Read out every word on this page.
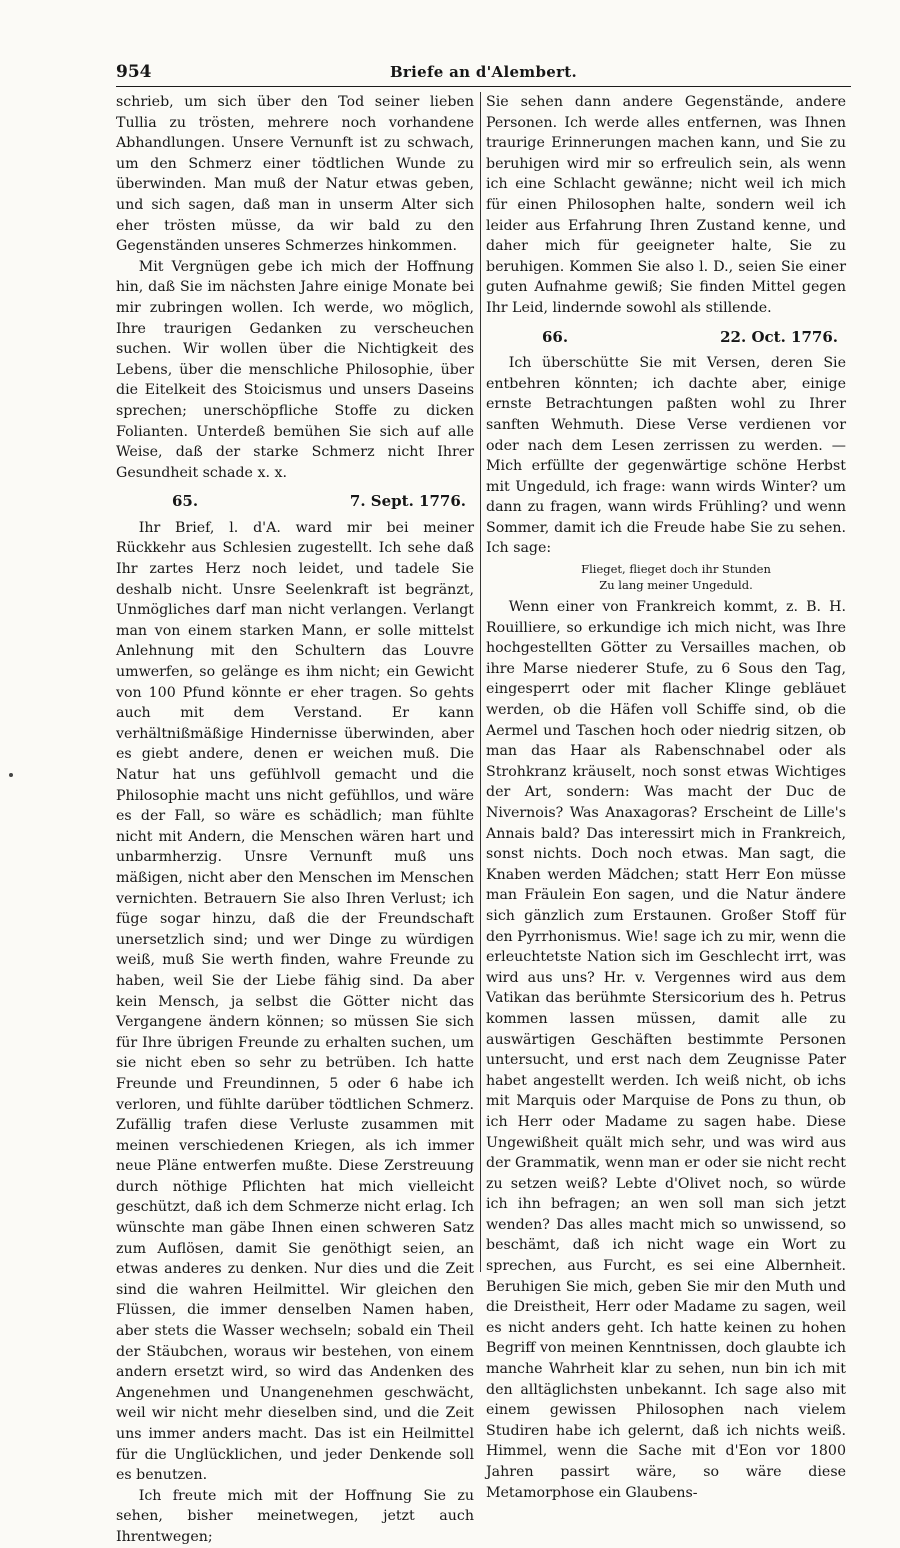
954	Briefe an d'Alembert.

schrieb, um sich über den Tod seiner lieben Tullia zu trösten, mehrere noch vorhandene Abhandlungen. Unsere Vernunft ist zu schwach, um den Schmerz einer tödtlichen Wunde zu überwinden. Man muß der Natur etwas geben, und sich sagen, daß man in unserm Alter sich eher trösten müsse, da wir bald zu den Gegenständen unseres Schmerzes hinkommen.

Mit Vergnügen gebe ich mich der Hoffnung hin, daß Sie im nächsten Jahre einige Monate bei mir zubringen wollen. Ich werde, wo möglich, Ihre traurigen Gedanken zu verscheuchen suchen. Wir wollen über die Nichtigkeit des Lebens, über die menschliche Philosophie, über die Eitelkeit des Stoicismus und unsers Daseins sprechen; unerschöpfliche Stoffe zu dicken Folianten. Unterdeß bemühen Sie sich auf alle Weise, daß der starke Schmerz nicht Ihrer Gesundheit schade x. x.

65.	7. Sept. 1776.

Ihr Brief, l. d'A. ward mir bei meiner Rückkehr aus Schlesien zugestellt. Ich sehe daß Ihr zartes Herz noch leidet, und tadele Sie deshalb nicht. Unsre Seelenkraft ist begränzt, Unmögliches darf man nicht verlangen. Verlangt man von einem starken Mann, er solle mittelst Anlehnung mit den Schultern das Louvre umwerfen, so gelänge es ihm nicht; ein Gewicht von 100 Pfund könnte er eher tragen. So gehts auch mit dem Verstand. Er kann verhältnißmäßige Hindernisse überwinden, aber es giebt andere, denen er weichen muß. Die Natur hat uns gefühlvoll gemacht und die Philosophie macht uns nicht gefühllos, und wäre es der Fall, so wäre es schädlich; man fühlte nicht mit Andern, die Menschen wären hart und unbarmherzig. Unsre Vernunft muß uns mäßigen, nicht aber den Menschen im Menschen vernichten. Betrauern Sie also Ihren Verlust; ich füge sogar hinzu, daß die der Freundschaft unersetzlich sind; und wer Dinge zu würdigen weiß, muß Sie werth finden, wahre Freunde zu haben, weil Sie der Liebe fähig sind. Da aber kein Mensch, ja selbst die Götter nicht das Vergangene ändern können; so müssen Sie sich für Ihre übrigen Freunde zu erhalten suchen, um sie nicht eben so sehr zu betrüben. Ich hatte Freunde und Freundinnen, 5 oder 6 habe ich verloren, und fühlte darüber tödtlichen Schmerz. Zufällig trafen diese Verluste zusammen mit meinen verschiedenen Kriegen, als ich immer neue Pläne entwerfen mußte. Diese Zerstreuung durch nöthige Pflichten hat mich vielleicht geschützt, daß ich dem Schmerze nicht erlag. Ich wünschte man gäbe Ihnen einen schweren Satz zum Auflösen, damit Sie genöthigt seien, an etwas anderes zu denken. Nur dies und die Zeit sind die wahren Heilmittel. Wir gleichen den Flüssen, die immer denselben Namen haben, aber stets die Wasser wechseln; sobald ein Theil der Stäubchen, woraus wir bestehen, von einem andern ersetzt wird, so wird das Andenken des Angenehmen und Unangenehmen geschwächt, weil wir nicht mehr dieselben sind, und die Zeit uns immer anders macht. Das ist ein Heilmittel für die Unglücklichen, und jeder Denkende soll es benutzen.

Ich freute mich mit der Hoffnung Sie zu sehen, bisher meinetwegen, jetzt auch Ihrentwegen;

Sie sehen dann andere Gegenstände, andere Personen. Ich werde alles entfernen, was Ihnen traurige Erinnerungen machen kann, und Sie zu beruhigen wird mir so erfreulich sein, als wenn ich eine Schlacht gewänne; nicht weil ich mich für einen Philosophen halte, sondern weil ich leider aus Erfahrung Ihren Zustand kenne, und daher mich für geeigneter halte, Sie zu beruhigen. Kommen Sie also l. D., seien Sie einer guten Aufnahme gewiß; Sie finden Mittel gegen Ihr Leid, lindernde sowohl als stillende.

66.	22. Oct. 1776.

Ich überschütte Sie mit Versen, deren Sie entbehren könnten; ich dachte aber, einige ernste Betrachtungen paßten wohl zu Ihrer sanften Wehmuth. Diese Verse verdienen vor oder nach dem Lesen zerrissen zu werden. — Mich erfüllte der gegenwärtige schöne Herbst mit Ungeduld, ich frage: wann wirds Winter? um dann zu fragen, wann wirds Frühling? und wenn Sommer, damit ich die Freude habe Sie zu sehen. Ich sage:

Flieget, flieget doch ihr Stunden
Zu lang meiner Ungeduld.

Wenn einer von Frankreich kommt, z. B. H. Rouilliere, so erkundige ich mich nicht, was Ihre hochgestellten Götter zu Versailles machen, ob ihre Marse niederer Stufe, zu 6 Sous den Tag, eingesperrt oder mit flacher Klinge gebläuet werden, ob die Häfen voll Schiffe sind, ob die Aermel und Taschen hoch oder niedrig sitzen, ob man das Haar als Rabenschnabel oder als Strohkranz kräuselt, noch sonst etwas Wichtiges der Art, sondern: Was macht der Duc de Nivernois? Was Anaxagoras? Erscheint de Lille's Annais bald? Das interessirt mich in Frankreich, sonst nichts. Doch noch etwas. Man sagt, die Knaben werden Mädchen; statt Herr Eon müsse man Fräulein Eon sagen, und die Natur ändere sich gänzlich zum Erstaunen. Großer Stoff für den Pyrrhonismus. Wie! sage ich zu mir, wenn die erleuchtetste Nation sich im Geschlecht irrt, was wird aus uns? Hr. v. Vergennes wird aus dem Vatikan das berühmte Stersicorium des h. Petrus kommen lassen müssen, damit alle zu auswärtigen Geschäften bestimmte Personen untersucht, und erst nach dem Zeugnisse Pater habet angestellt werden. Ich weiß nicht, ob ichs mit Marquis oder Marquise de Pons zu thun, ob ich Herr oder Madame zu sagen habe. Diese Ungewißheit quält mich sehr, und was wird aus der Grammatik, wenn man er oder sie nicht recht zu setzen weiß? Lebte d'Olivet noch, so würde ich ihn befragen; an wen soll man sich jetzt wenden? Das alles macht mich so unwissend, so beschämt, daß ich nicht wage ein Wort zu sprechen, aus Furcht, es sei eine Albernheit. Beruhigen Sie mich, geben Sie mir den Muth und die Dreistheit, Herr oder Madame zu sagen, weil es nicht anders geht. Ich hatte keinen zu hohen Begriff von meinen Kenntnissen, doch glaubte ich manche Wahrheit klar zu sehen, nun bin ich mit den alltäglichsten unbekannt. Ich sage also mit einem gewissen Philosophen nach vielem Studiren habe ich gelernt, daß ich nichts weiß. Himmel, wenn die Sache mit d'Eon vor 1800 Jahren passirt wäre, so wäre diese Metamorphose ein Glaubens-
